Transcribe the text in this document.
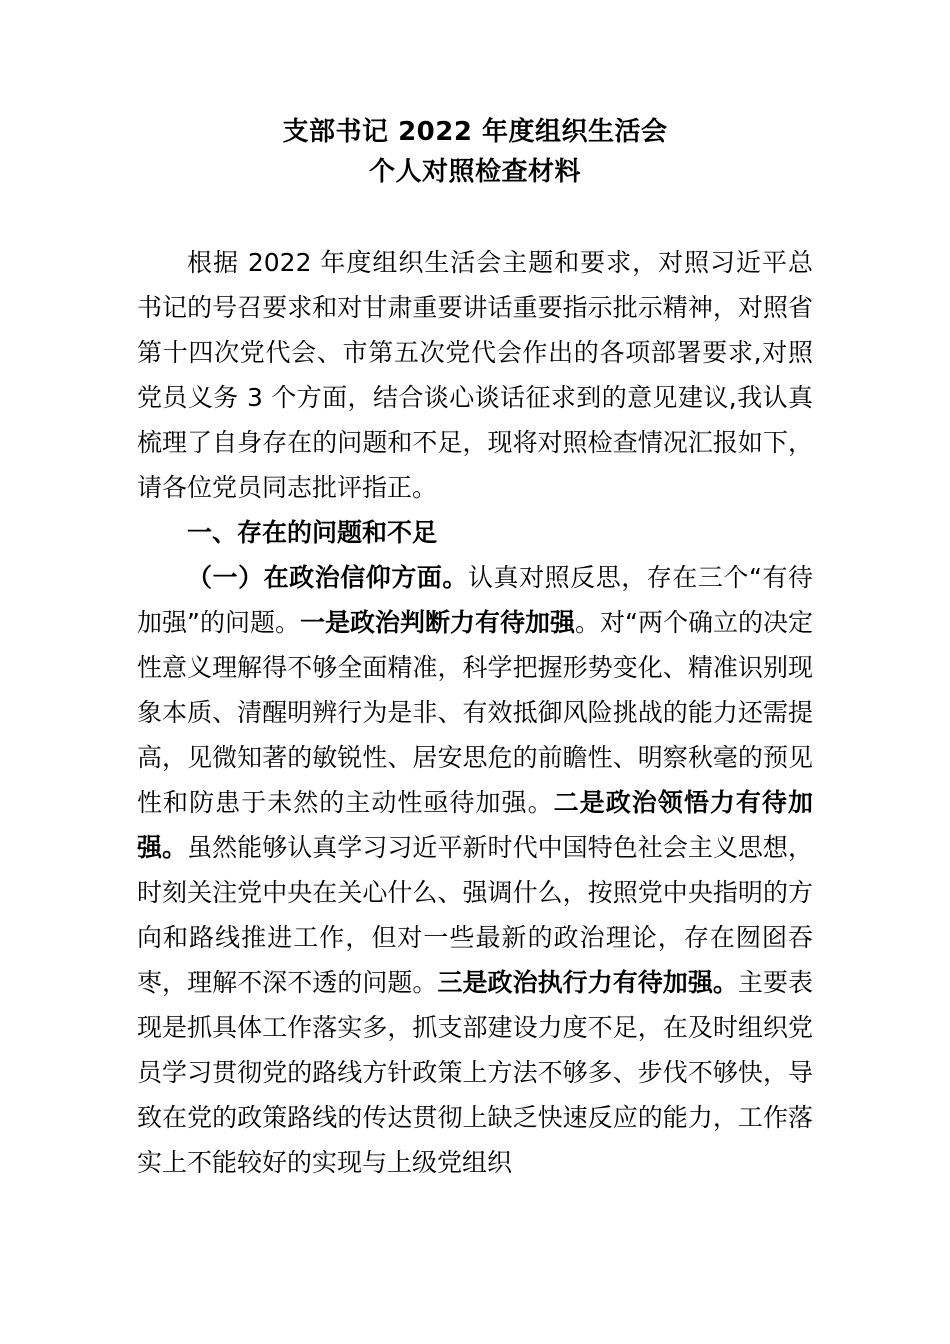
支部书记 2022 年度组织生活会
个人对照检查材料

根据 2022 年度组织生活会主题和要求，对照习近平总书记的号召要求和对甘肃重要讲话重要指示批示精神，对照省第十四次党代会、市第五次党代会作出的各项部署要求,对照党员义务 3 个方面，结合谈心谈话征求到的意见建议,我认真梳理了自身存在的问题和不足，现将对照检查情况汇报如下，请各位党员同志批评指正。

一、存在的问题和不足

（一）在政治信仰方面。认真对照反思，存在三个“有待加强”的问题。一是政治判断力有待加强。对“两个确立的决定性意义理解得不够全面精准，科学把握形势变化、精准识别现象本质、清醒明辨行为是非、有效抵御风险挑战的能力还需提高，见微知著的敏锐性、居安思危的前瞻性、明察秋毫的预见性和防患于未然的主动性亟待加强。二是政治领悟力有待加强。虽然能够认真学习习近平新时代中国特色社会主义思想，时刻关注党中央在关心什么、强调什么，按照党中央指明的方向和路线推进工作，但对一些最新的政治理论，存在囫囵吞枣，理解不深不透的问题。三是政治执行力有待加强。主要表现是抓具体工作落实多，抓支部建设力度不足，在及时组织党员学习贯彻党的路线方针政策上方法不够多、步伐不够快，导致在党的政策路线的传达贯彻上缺乏快速反应的能力，工作落实上不能较好的实现与上级党组织
